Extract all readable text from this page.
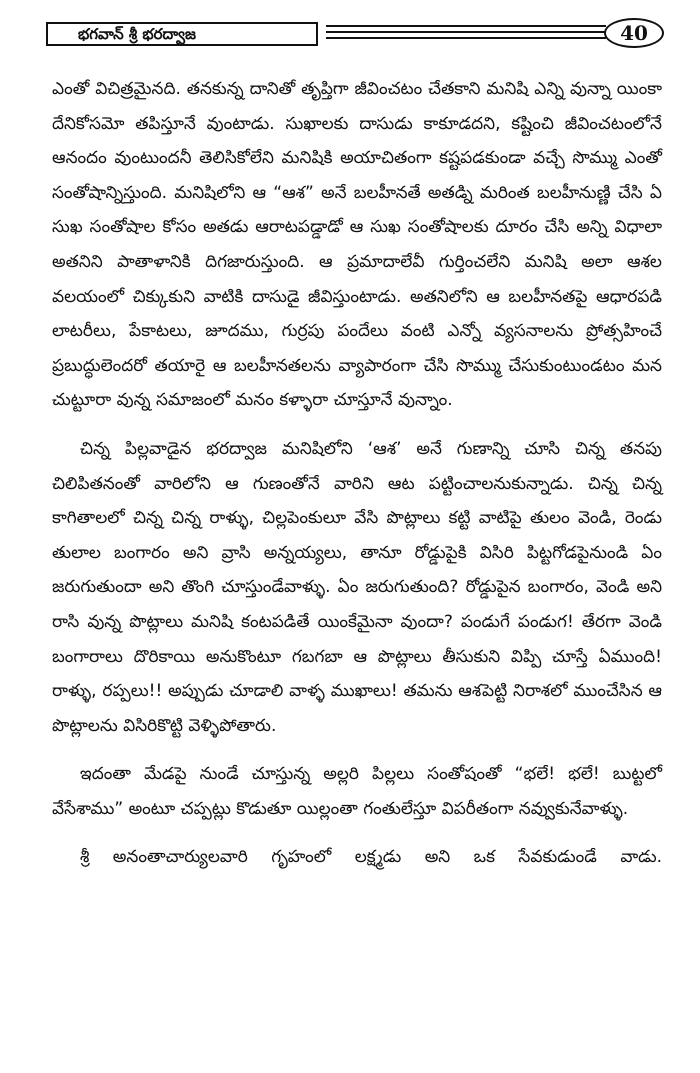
భగవాన్ శ్రీ భరద్వాజ	40

ఎంతో విచిత్రమైనది. తనకున్న దానితో తృప్తిగా జీవించటం చేతకాని మనిషి ఎన్ని వున్నా యింకా దేనికోసమో తపిస్తూనే వుంటాడు. సుఖాలకు దాసుడు కాకూడదని, కష్టించి జీవించటంలోనే ఆనందం వుంటుందనీ తెలిసికోలేని మనిషికి అయాచితంగా కష్టపడకుండా వచ్చే సొమ్ము ఎంతో సంతోషాన్నిస్తుంది. మనిషిలోని ఆ “ఆశ” అనే బలహీనతే అతడ్ని మరింత బలహీనుణ్ణి చేసి ఏ సుఖ సంతోషాల కోసం అతడు ఆరాటపడ్డాడో ఆ సుఖ సంతోషాలకు దూరం చేసి అన్ని విధాలా అతనిని పాతాళానికి దిగజారుస్తుంది. ఆ ప్రమాదాలేవీ గుర్తించలేని మనిషి అలా ఆశల వలయంలో చిక్కుకుని వాటికి దాసుడై జీవిస్తుంటాడు. అతనిలోని ఆ బలహీనతపై ఆధారపడి లాటరీలు, పేకాటలు, జూదము, గుర్రపు పందేలు వంటి ఎన్నో వ్యసనాలను ప్రోత్సహించే ప్రబుద్ధులెందరో తయారై ఆ బలహీనతలను వ్యాపారంగా చేసి సొమ్ము చేసుకుంటుండటం మన చుట్టూరా వున్న సమాజంలో మనం కళ్ళారా చూస్తూనే వున్నాం.

చిన్న పిల్లవాడైన భరద్వాజ మనిషిలోని ‘ఆశ’ అనే గుణాన్ని చూసి చిన్న తనపు చిలిపితనంతో వారిలోని ఆ గుణంతోనే వారిని ఆట పట్టించాలనుకున్నాడు. చిన్న చిన్న కాగితాలలో చిన్న చిన్న రాళ్ళు, చిల్లపెంకులూ వేసి పొట్లాలు కట్టి వాటిపై తులం వెండి, రెండు తులాల బంగారం అని వ్రాసి అన్నయ్యలు, తానూ రోడ్డుపైకి విసిరి పిట్టగోడపైనుండి ఏం జరుగుతుందా అని తొంగి చూస్తుండేవాళ్ళు. ఏం జరుగుతుంది? రోడ్డుపైన బంగారం, వెండి అని రాసి వున్న పొట్లాలు మనిషి కంటపడితే యింకేమైనా వుందా? పండుగే పండుగ! తేరగా వెండి బంగారాలు దొరికాయి అనుకొంటూ గబగబా ఆ పొట్లాలు తీసుకుని విప్పి చూస్తే ఏముంది! రాళ్ళు, రప్పలు!! అప్పుడు చూడాలి వాళ్ళ ముఖాలు! తమను ఆశపెట్టి నిరాశలో ముంచేసిన ఆ పొట్లాలను విసిరికొట్టి వెళ్ళిపోతారు.

ఇదంతా మేడపై నుండే చూస్తున్న అల్లరి పిల్లలు సంతోషంతో “భలే! భలే! బుట్టలో వేసేశాము” అంటూ చప్పట్లు కొడుతూ యిల్లంతా గంతులేస్తూ విపరీతంగా నవ్వుకునేవాళ్ళు.

శ్రీ అనంతాచార్యులవారి గృహంలో లక్ష్మడు అని ఒక సేవకుడుండే వాడు.
